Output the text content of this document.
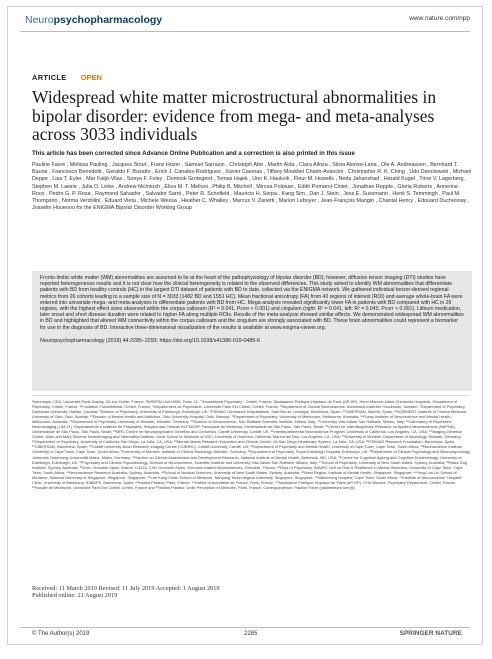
Neuropsychopharmacology	www.nature.com/npp
ARTICLE OPEN
Widespread white matter microstructural abnormalities in bipolar disorder: evidence from mega- and meta-analyses across 3033 individuals
This article has been corrected since Advance Online Publication and a correction is also printed in this issue

Pauline Favre , Melissa Pauling , Jacques Stout , Franz Hozer , Samuel Sarrazin , Christoph Abé , Martin Alda , Clara Alloza , Silvia Alonso-Lana , Ole A. Andreassen , Bernhard T. Baune , Francesco Benedetti , Geraldo F. Busatto , Erick J. Canales-Rodríguez , Xavier Caseras , Tiffany Moukbel Chaim-Avancini , Christopher R. K. Ching , Udo Dannlowski , Michael Deppe , Lisa T. Eyler , Mar Fatjó-Vilas , Sonya F. Foley , Dominik Grotegerd , Tomas Hajek , Unn K. Haukvik , Fleur M. Howells , Neda Jahanshad , Harald Kugel , Trine V. Lagerberg , Stephen M. Lawrie , Julia O. Linke , Andrew McIntosh , Elisa M. T. Melloni , Philip B. Mitchell , Mircea Polosan , Edith Pomarol-Clotet , Jonathan Repple , Gloria Roberts , Annerine Roos , Pedro G. P. Rosa , Raymond Salvador , Salvador Sarró , Peter R. Schofield , Mauricio H. Serpa , Kang Sim , Dan J. Stein , Jess E. Sussmann , Henk S. Temmingh , Paul M. Thompson , Norma Verdolini , Eduard Vieta , Michele Wessa , Heather C. Whalley , Marcus V. Zanetti , Marion Leboyer , Jean-François Mangin , Chantal Henry , Edouard Duchesnay , Josselin Houenou for the ENIGMA Bipolar Disorder Working Group

Fronto-limbic white matter (WM) abnormalities are assumed to lie at the heart of the pathophysiology of bipolar disorder (BD); however, diffusion tensor imaging (DTI) studies have reported heterogeneous results and it is not clear how the clinical heterogeneity is related to the observed differences. This study aimed to identify WM abnormalities that differentiate patients with BD from healthy controls (HC) in the largest DTI dataset of patients with BD to date, collected via the ENIGMA network. We gathered individual tensor-derived regional metrics from 26 cohorts leading to a sample size of N = 3033 (1482 BD and 1551 HC). Mean fractional anisotropy (FA) from 43 regions of interest (ROI) and average whole-brain FA were entered into univariate mega- and meta-analyses to differentiate patients with BD from HC. Mega-analysis revealed significantly lower FA in patients with BD compared with HC in 29 regions, with the highest effect sizes observed within the corpus callosum (R² = 0.041, Pcorr < 0.001) and cingulum (right: R² = 0.041, left: R² = 0.040, Pcorr < 0.001). Lithium medication, later onset and short disease duration were related to higher FA along multiple ROIs. Results of the meta-analysis showed similar effects. We demonstrated widespread WM abnormalities in BD and highlighted that altered WM connectivity within the corpus callosum and the cingulum are strongly associated with BD. These brain abnormalities could represent a biomarker for use in the diagnosis of BD. Interactive three-dimensional visualization of the results is available at www.enigma-viewer.org.

Neuropsychopharmacology (2019) 44:2285–2293; https://doi.org/10.1038/s41386-019-0485-6

¹Neurospin, CEA, Université Paris-Saclay, Gif-sur-Yvette, France; ²INSERM Unit U955, Team 15, "Translational Psychiatry", Créteil, France; ³Assistance Publique-Hôpitaux de Paris (AP-HP), Henri Mondor-Albert Chenevier Hospitals, Department of Psychiatry, Créteil, France; ⁴Fondation FondaMental, Créteil, France; ⁵Département de Psychiatrie, Université Paris Est Créteil, Créteil, France; ⁶Department of Clinical Neuroscience, Karolinska Institutet, Stockholm, Sweden; ⁷Department of Psychiatry, Dalhousie University, Halifax, Canada; ⁸Division of Psychiatry, University of Edinburgh, Edinburgh, UK; ⁹FIDMAG Germanes Hospitalàries, Sant Boi de Llobregat, Barcelona, Spain; ¹⁰CIBERSAM, Madrid, Spain; ¹¹NORMENT, Institute of Clinical Medicine, University of Oslo, Oslo, Norway; ¹²Division of Mental Health and Addiction, Oslo University Hospital, Oslo, Norway; ¹³Department of Psychiatry, University of Melbourne, Melbourne, Australia; ¹⁴Florey Institute of Neuroscience and Mental Health, Melbourne, Australia; ¹⁵Department of Psychiatry, University of Münster, Münster, Germany; ¹⁶Division of Neuroscience, San Raffaele Scientific Institute, Milano, Italy; ¹⁷University Vita-Salute San Raffaele, Milano, Italy; ¹⁸Laboratory of Psychiatric Neuroimaging (LIM-21), Departamento e Instituto de Psiquiatria, Hospital das Clinicas HCFMUSP, Faculdade de Medicina, Universidade de São Paulo, São Paulo, Brazil; ¹⁹Center for Interdisciplinary Research on Applied Neurosciences (NAPNA), Universidade de São Paulo, São Paulo, Brazil; ²⁰MRC Centre for Neuropsychiatric Genetics and Genomics, Cardiff University, Cardiff, UK; ²¹Interdepartmental Neuroscience Program, University of California, Los Angeles, CA, USA; ²²Imaging Genetics Center, Mark and Mary Stevens Neuroimaging and Informatics Institute, Keck School of Medicine of USC, University of Southern California, Marina del Rey, Los Angeles, CA, USA; ²³University of Münster, Department of Neurology, Münster, Germany; ²⁴Department of Psychiatry, University of California San Diego, La Jolla, CA, USA; ²⁵Mental Illness Research Education and Clinical Center, VA San Diego Healthcare System, La Jolla, CA, USA; ²⁶FIDMAG Research Foundation, Barcelona, Spain; ²⁷CIBERSAM, Barcelona, Spain; ²⁸Cardiff University Brain Research Imaging Centre (CUBRIC), Cardiff University, Cardiff, UK; ²⁹Department of Psychiatry and Mental Health, University of Cape Town, Cape Town, South Africa; ³⁰Neuroscience Institute, University of Cape Town, Cape Town, South Africa; ³¹University of Münster, Institute of Clinical Radiology, Münster, Germany; ³²Department of Psychiatry, Royal Edinburgh Hospital, Edinburgh, UK; ³³Department of Clinical Psychology and Neuropsychology, Johannes Gutenberg-Universität Mainz, Mainz, Germany; ³⁴Section on Clinical Assessment and Development Research, National Institute of Mental Health, Bethesda, MD, USA; ³⁵Centre for Cognitive Ageing and Cognitive Epidemiology, University of Edinburgh, Edinburgh, UK; ³⁶Psychiatry and Clinical Psychobiology, Division of Neuroscience, Scientific Institute and University Vita-Salute San Raffaele, Milano, Italy; ³⁷School of Psychiatry, University of New South Wales, Sydney, Australia; ³⁸Black Dog Institute, Sydney, Australia; ³⁹Univ. Grenoble Alpes, Inserm, U1216, CHU Grenoble Alpes, Grenoble Institut Neurosciences, Grenoble, France; ⁴⁰Dept of Psychiatry, SAMRC Unit on Risk & Resilience in Mental Disorders, University of Cape Town, Cape Town, South Africa; ⁴¹Neuroscience Research Australia, Sydney, Australia; ⁴²School of Medical Sciences, University of New South Wales, Sydney, Australia; ⁴³West Region, Institute of Mental Health, Singapore, Singapore; ⁴⁴Yong Loo Lin School of Medicine, National University of Singapore, Singapore, Singapore; ⁴⁵Lee Kong Chian School of Medicine, Nanyang Technological University, Singapore, Singapore; ⁴⁶Valkenberg Hospital, Cape Town, South Africa; ⁴⁷Institute of Neuroscience, Hospital Clinic, University of Barcelona, IDIBAPS, Barcelona, Spain; ⁴⁸Institut Pasteur, Paris, France; ⁴⁹Institut Universitaire de France, Paris, France; ⁵⁰Assistance Publique-Hôpitaux de Paris (AP-HP), CHU Mondor, Psychiatry Department, Créteil, France; ⁵¹Faculté de Médecine, Université Paris Est Créteil, Créteil, France and ⁵²Institut Pasteur, Unité Perception et Mémoire, Paris, France. Correspondence: Pauline Favre (paulinefavre.umr@)

Received: 11 March 2019 Revised: 11 July 2019 Accepted: 1 August 2019
Published online: 21 August 2019
© The Author(s) 2019	2285	SPRINGER NATURE
